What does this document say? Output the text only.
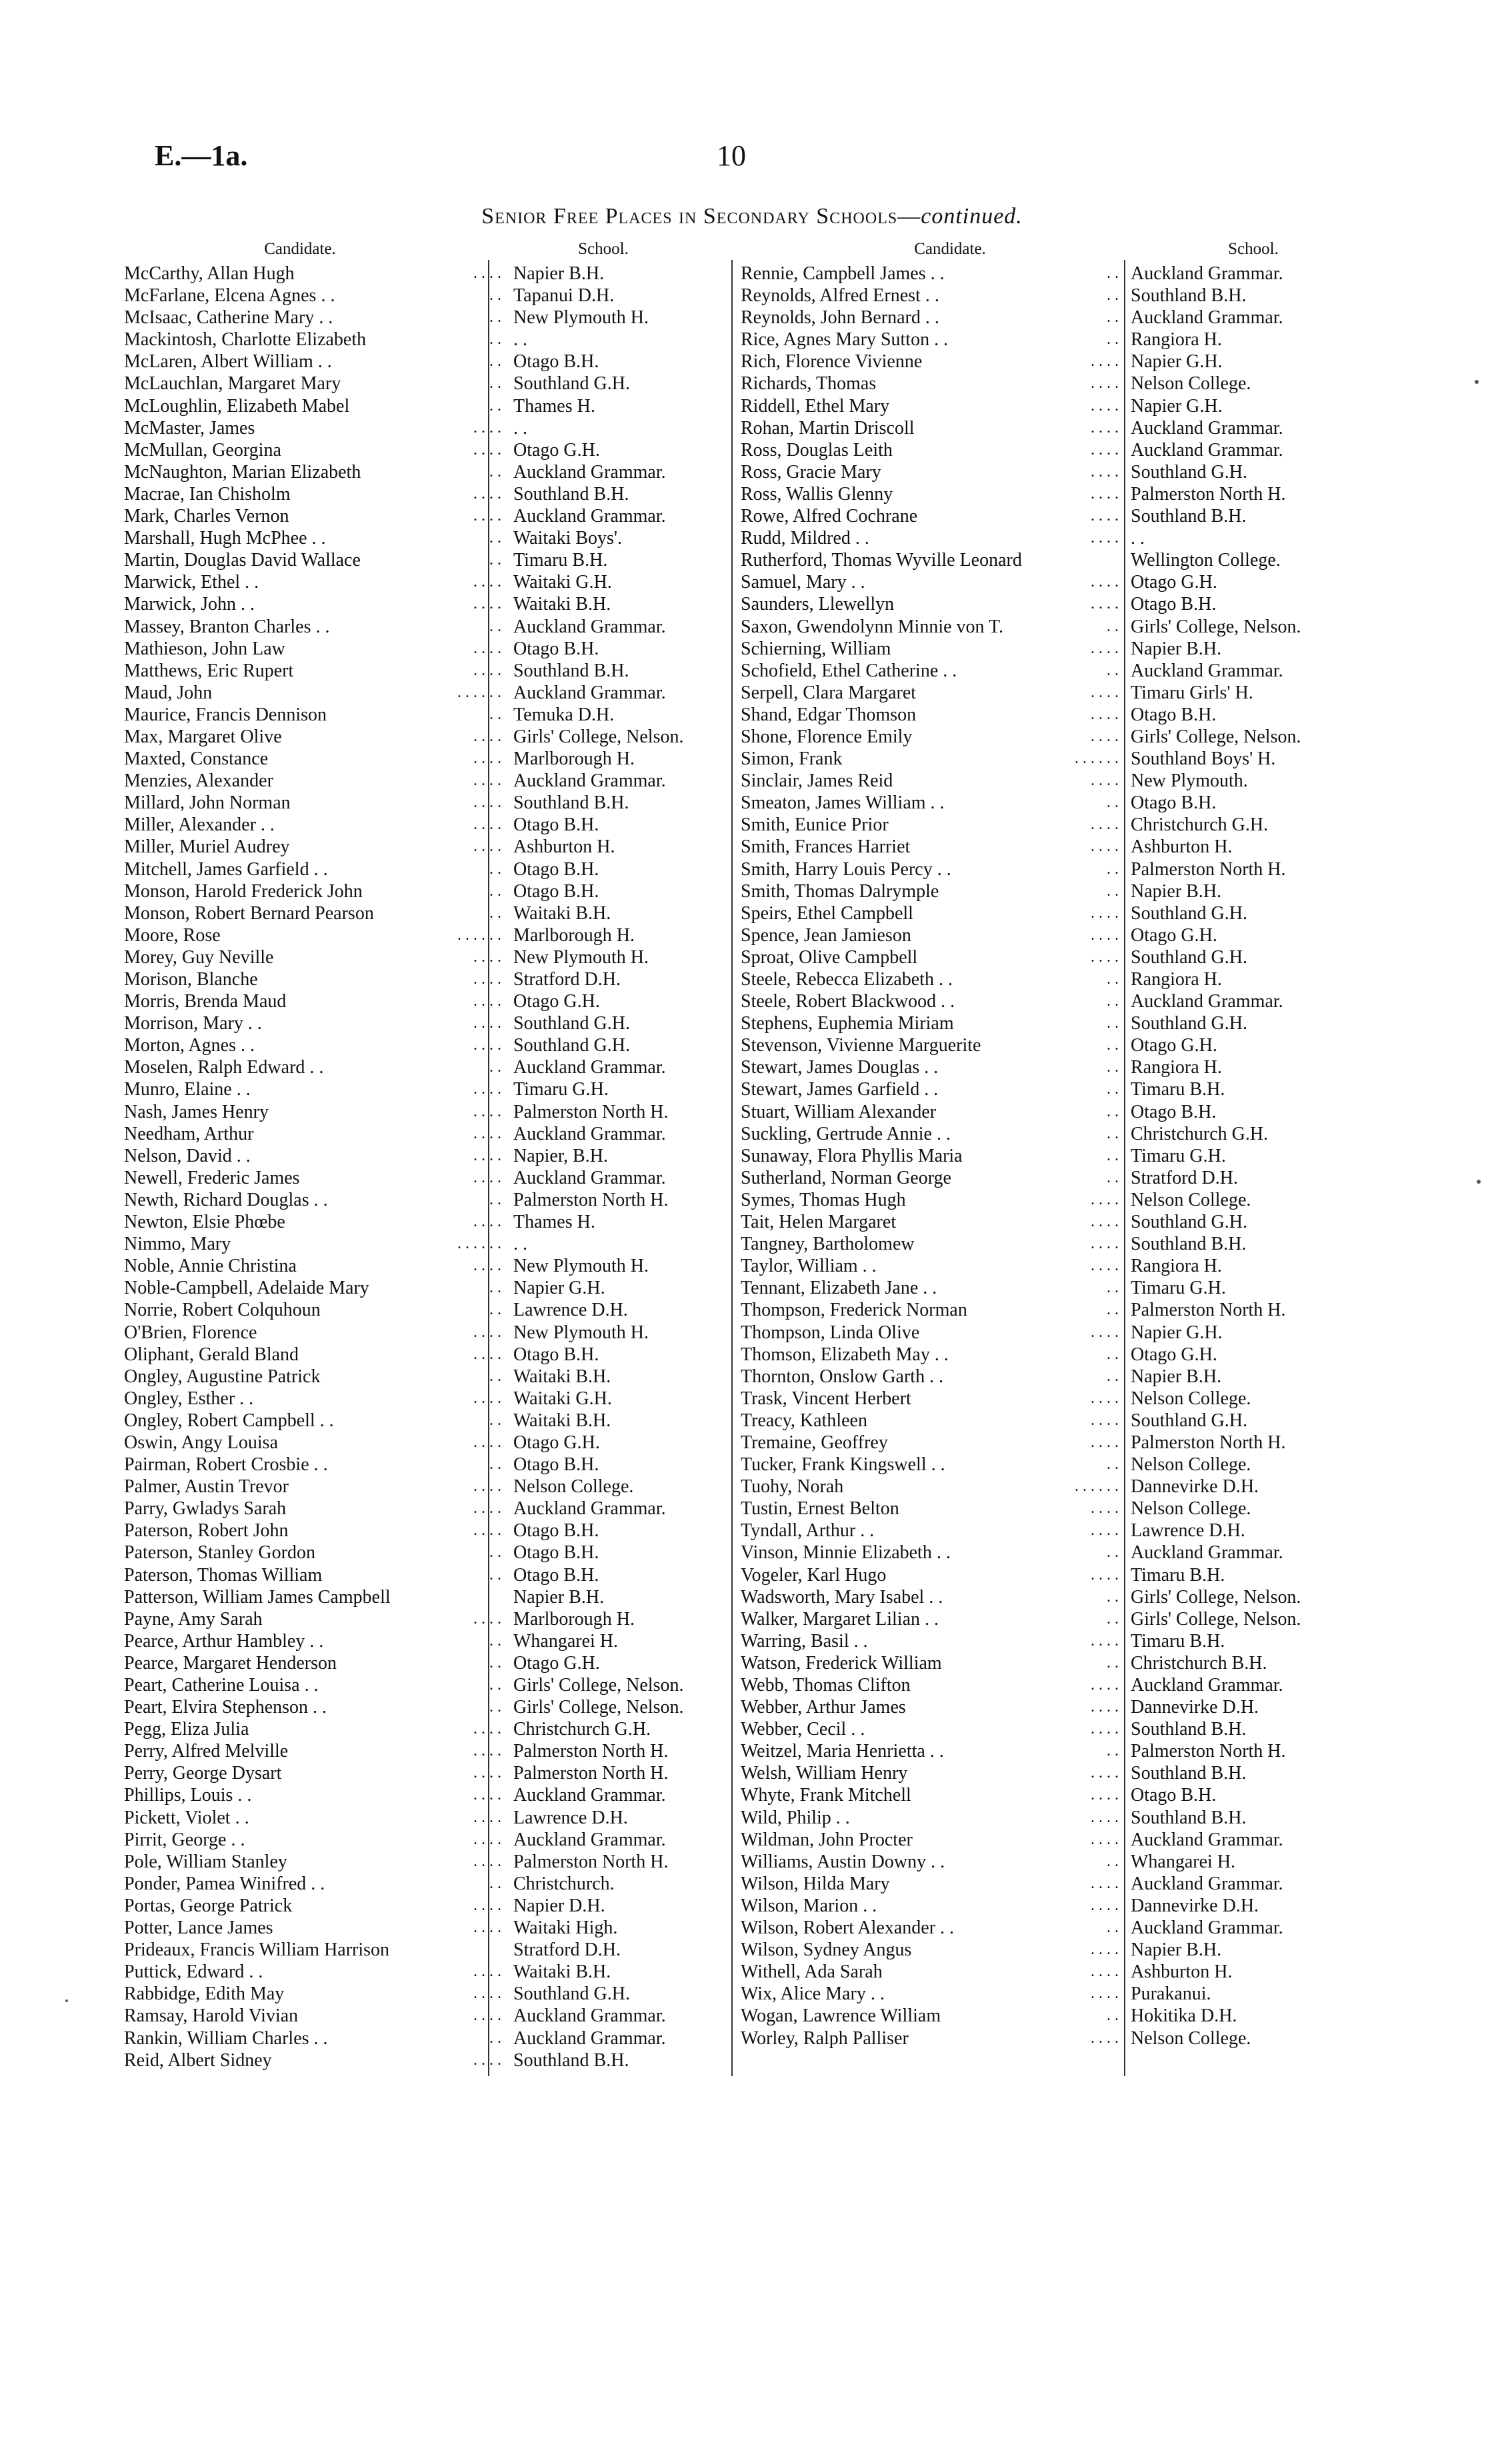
E.—1a.	10
Senior Free Places in Secondary Schools—continued.
Candidate.	School.	Candidate.	School.
McCarthy, Allan Hugh	. . . . Napier B.H.
McFarlane, Elcena Agnes . .	. . Tapanui D.H.
McIsaac, Catherine Mary . .	. . New Plymouth H.
Mackintosh, Charlotte Elizabeth	. . . .
McLaren, Albert William . .	. . Otago B.H.
McLauchlan, Margaret Mary	. . Southland G.H.
McLoughlin, Elizabeth Mabel	. . Thames H.
McMaster, James	. . . . . .
McMullan, Georgina	. . . . Otago G.H.
McNaughton, Marian Elizabeth	. . Auckland Grammar.
Macrae, Ian Chisholm	. . . . Southland B.H.
Mark, Charles Vernon	. . . . Auckland Grammar.
Marshall, Hugh McPhee . .	. . Waitaki Boys'.
Martin, Douglas David Wallace	. . Timaru B.H.
Marwick, Ethel . .	. . . . Waitaki G.H.
Marwick, John . .	. . . . Waitaki B.H.
Massey, Branton Charles . .	. . Auckland Grammar.
Mathieson, John Law	. . . . Otago B.H.
Matthews, Eric Rupert	. . . . Southland B.H.
Maud, John	. . . . . . Auckland Grammar.
Maurice, Francis Dennison	. . Temuka D.H.
Max, Margaret Olive	. . . . Girls' College, Nelson.
Maxted, Constance	. . . . Marlborough H.
Menzies, Alexander	. . . . Auckland Grammar.
Millard, John Norman	. . . . Southland B.H.
Miller, Alexander . .	. . . . Otago B.H.
Miller, Muriel Audrey	. . . . Ashburton H.
Mitchell, James Garfield . .	. . Otago B.H.
Monson, Harold Frederick John	. . Otago B.H.
Monson, Robert Bernard Pearson	. . Waitaki B.H.
Moore, Rose	. . . . . . Marlborough H.
Morey, Guy Neville	. . . . New Plymouth H.
Morison, Blanche	. . . . Stratford D.H.
Morris, Brenda Maud	. . . . Otago G.H.
Morrison, Mary . .	. . . . Southland G.H.
Morton, Agnes . .	. . . . Southland G.H.
Moselen, Ralph Edward . .	. . Auckland Grammar.
Munro, Elaine . .	. . . . Timaru G.H.
Nash, James Henry	. . . . Palmerston North H.
Needham, Arthur	. . . . Auckland Grammar.
Nelson, David . .	. . . . Napier, B.H.
Newell, Frederic James	. . . . Auckland Grammar.
Newth, Richard Douglas . .	. . Palmerston North H.
Newton, Elsie Phœbe	. . . . Thames H.
Nimmo, Mary	. . . . . . . .
Noble, Annie Christina	. . . . New Plymouth H.
Noble-Campbell, Adelaide Mary	. . Napier G.H.
Norrie, Robert Colquhoun	. . Lawrence D.H.
O'Brien, Florence	. . . . New Plymouth H.
Oliphant, Gerald Bland	. . . . Otago B.H.
Ongley, Augustine Patrick	. . Waitaki B.H.
Ongley, Esther . .	. . . . Waitaki G.H.
Ongley, Robert Campbell . .	. . Waitaki B.H.
Oswin, Angy Louisa	. . . . Otago G.H.
Pairman, Robert Crosbie . .	. . Otago B.H.
Palmer, Austin Trevor	. . . . Nelson College.
Parry, Gwladys Sarah	. . . . Auckland Grammar.
Paterson, Robert John	. . . . Otago B.H.
Paterson, Stanley Gordon	. . Otago B.H.
Paterson, Thomas William	. . Otago B.H.
Patterson, William James Campbell	Napier B.H.
Payne, Amy Sarah	. . . . Marlborough H.
Pearce, Arthur Hambley . .	. . Whangarei H.
Pearce, Margaret Henderson	. . Otago G.H.
Peart, Catherine Louisa . .	. . Girls' College, Nelson.
Peart, Elvira Stephenson . .	. . Girls' College, Nelson.
Pegg, Eliza Julia	. . . . Christchurch G.H.
Perry, Alfred Melville	. . . . Palmerston North H.
Perry, George Dysart	. . . . Palmerston North H.
Phillips, Louis . .	. . . . Auckland Grammar.
Pickett, Violet . .	. . . . Lawrence D.H.
Pirrit, George . .	. . . . Auckland Grammar.
Pole, William Stanley	. . . . Palmerston North H.
Ponder, Pamea Winifred . .	. . Christchurch.
Portas, George Patrick	. . . . Napier D.H.
Potter, Lance James	. . . . Waitaki High.
Prideaux, Francis William Harrison	Stratford D.H.
Puttick, Edward . .	. . . . Waitaki B.H.
Rabbidge, Edith May	. . . . Southland G.H.
Ramsay, Harold Vivian	. . . . Auckland Grammar.
Rankin, William Charles . .	. . Auckland Grammar.
Reid, Albert Sidney	. . . . Southland B.H.
Rennie, Campbell James . .	. . Auckland Grammar.
Reynolds, Alfred Ernest . .	. . Southland B.H.
Reynolds, John Bernard . .	. . Auckland Grammar.
Rice, Agnes Mary Sutton . .	. . Rangiora H.
Rich, Florence Vivienne	. . . . Napier G.H.
Richards, Thomas	. . . . Nelson College.
Riddell, Ethel Mary	. . . . Napier G.H.
Rohan, Martin Driscoll	. . . . Auckland Grammar.
Ross, Douglas Leith	. . . . Auckland Grammar.
Ross, Gracie Mary	. . . . Southland G.H.
Ross, Wallis Glenny	. . . . Palmerston North H.
Rowe, Alfred Cochrane	. . . . Southland B.H.
Rudd, Mildred . .	. . . . . .
Rutherford, Thomas Wyville Leonard	Wellington College.
Samuel, Mary . .	. . . . Otago G.H.
Saunders, Llewellyn	. . . . Otago B.H.
Saxon, Gwendolynn Minnie von T.	. . Girls' College, Nelson.
Schierning, William	. . . . Napier B.H.
Schofield, Ethel Catherine . .	. . Auckland Grammar.
Serpell, Clara Margaret	. . . . Timaru Girls' H.
Shand, Edgar Thomson	. . . . Otago B.H.
Shone, Florence Emily	. . . . Girls' College, Nelson.
Simon, Frank	. . . . . . Southland Boys' H.
Sinclair, James Reid	. . . . New Plymouth.
Smeaton, James William . .	. . Otago B.H.
Smith, Eunice Prior	. . . . Christchurch G.H.
Smith, Frances Harriet	. . . . Ashburton H.
Smith, Harry Louis Percy . .	. . Palmerston North H.
Smith, Thomas Dalrymple	. . Napier B.H.
Speirs, Ethel Campbell	. . . . Southland G.H.
Spence, Jean Jamieson	. . . . Otago G.H.
Sproat, Olive Campbell	. . . . Southland G.H.
Steele, Rebecca Elizabeth . .	. . Rangiora H.
Steele, Robert Blackwood . .	. . Auckland Grammar.
Stephens, Euphemia Miriam	. . Southland G.H.
Stevenson, Vivienne Marguerite	. . Otago G.H.
Stewart, James Douglas . .	. . Rangiora H.
Stewart, James Garfield . .	. . Timaru B.H.
Stuart, William Alexander	. . Otago B.H.
Suckling, Gertrude Annie . .	. . Christchurch G.H.
Sunaway, Flora Phyllis Maria	. . Timaru G.H.
Sutherland, Norman George	. . Stratford D.H.
Symes, Thomas Hugh	. . . . Nelson College.
Tait, Helen Margaret	. . . . Southland G.H.
Tangney, Bartholomew	. . . . Southland B.H.
Taylor, William . .	. . . . Rangiora H.
Tennant, Elizabeth Jane . .	. . Timaru G.H.
Thompson, Frederick Norman	. . Palmerston North H.
Thompson, Linda Olive	. . . . Napier G.H.
Thomson, Elizabeth May . .	. . Otago G.H.
Thornton, Onslow Garth . .	. . Napier B.H.
Trask, Vincent Herbert	. . . . Nelson College.
Treacy, Kathleen	. . . . Southland G.H.
Tremaine, Geoffrey	. . . . Palmerston North H.
Tucker, Frank Kingswell . .	. . Nelson College.
Tuohy, Norah	. . . . . . Dannevirke D.H.
Tustin, Ernest Belton	. . . . Nelson College.
Tyndall, Arthur . .	. . . . Lawrence D.H.
Vinson, Minnie Elizabeth . .	. . Auckland Grammar.
Vogeler, Karl Hugo	. . . . Timaru B.H.
Wadsworth, Mary Isabel . .	. . Girls' College, Nelson.
Walker, Margaret Lilian . .	. . Girls' College, Nelson.
Warring, Basil . .	. . . . Timaru B.H.
Watson, Frederick William	. . Christchurch B.H.
Webb, Thomas Clifton	. . . . Auckland Grammar.
Webber, Arthur James	. . . . Dannevirke D.H.
Webber, Cecil . .	. . . . Southland B.H.
Weitzel, Maria Henrietta . .	. . Palmerston North H.
Welsh, William Henry	. . . . Southland B.H.
Whyte, Frank Mitchell	. . . . Otago B.H.
Wild, Philip . .	. . . . Southland B.H.
Wildman, John Procter	. . . . Auckland Grammar.
Williams, Austin Downy . .	. . Whangarei H.
Wilson, Hilda Mary	. . . . Auckland Grammar.
Wilson, Marion . .	. . . . Dannevirke D.H.
Wilson, Robert Alexander . .	. . Auckland Grammar.
Wilson, Sydney Angus	. . . . Napier B.H.
Withell, Ada Sarah	. . . . Ashburton H.
Wix, Alice Mary . .	. . . . Purakanui.
Wogan, Lawrence William	. . Hokitika D.H.
Worley, Ralph Palliser	. . . . Nelson College.
